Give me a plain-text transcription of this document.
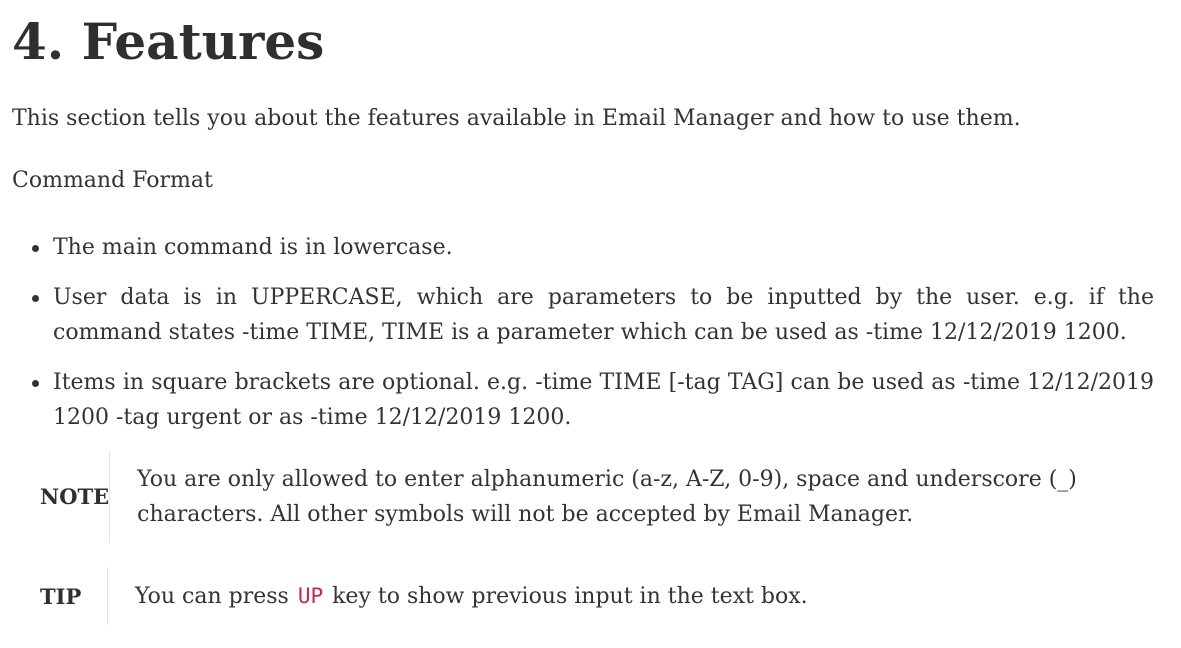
4. Features

This section tells you about the features available in Email Manager and how to use them.

Command Format

The main command is in lowercase.
User data is in UPPERCASE, which are parameters to be inputted by the user. e.g. if the command states -time TIME, TIME is a parameter which can be used as -time 12/12/2019 1200.
Items in square brackets are optional. e.g. -time TIME [-tag TAG] can be used as -time 12/12/2019 1200 -tag urgent or as -time 12/12/2019 1200.
NOTE
You are only allowed to enter alphanumeric (a-z, A-Z, 0-9), space and underscore (_) characters. All other symbols will not be accepted by Email Manager.
TIP	You can press UP key to show previous input in the text box.
